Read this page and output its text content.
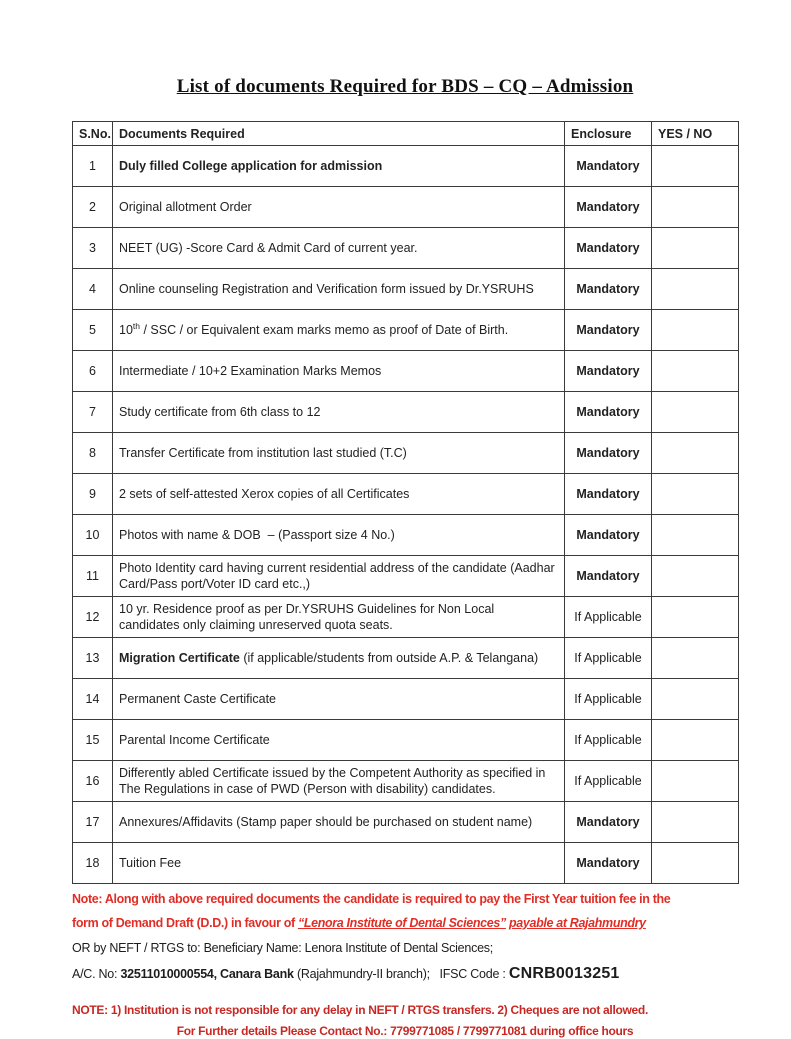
List of documents Required for BDS – CQ – Admission
S.No.	Documents Required	Enclosure	YES / NO
1	Duly filled College application for admission	Mandatory	
2	Original allotment Order	Mandatory	
3	NEET (UG) -Score Card & Admit Card of current year.	Mandatory	
4	Online counseling Registration and Verification form issued by Dr.YSRUHS	Mandatory	
5	10th / SSC / or Equivalent exam marks memo as proof of Date of Birth.	Mandatory	
6	Intermediate / 10+2 Examination Marks Memos	Mandatory	
7	Study certificate from 6th class to 12	Mandatory	
8	Transfer Certificate from institution last studied (T.C)	Mandatory	
9	2 sets of self-attested Xerox copies of all Certificates	Mandatory	
10	Photos with name & DOB  – (Passport size 4 No.)	Mandatory	
11	Photo Identity card having current residential address of the candidate (Aadhar Card/Pass port/Voter ID card etc.,)	Mandatory	
12	10 yr. Residence proof as per Dr.YSRUHS Guidelines for Non Local candidates only claiming unreserved quota seats.	If Applicable	
13	Migration Certificate (if applicable/students from outside A.P. & Telangana)	If Applicable	
14	Permanent Caste Certificate	If Applicable	
15	Parental Income Certificate	If Applicable	
16	Differently abled Certificate issued by the Competent Authority as specified in The Regulations in case of PWD (Person with disability) candidates.	If Applicable	
17	Annexures/Affidavits (Stamp paper should be purchased on student name)	Mandatory	
18	Tuition Fee	Mandatory	
Note: Along with above required documents the candidate is required to pay the First Year tuition fee in the
form of Demand Draft (D.D.) in favour of “Lenora Institute of Dental Sciences” payable at Rajahmundry
OR by NEFT / RTGS to: Beneficiary Name: Lenora Institute of Dental Sciences;
A/C. No: 32511010000554, Canara Bank (Rajahmundry-II branch);   IFSC Code : CNRB0013251
NOTE: 1) Institution is not responsible for any delay in NEFT / RTGS transfers. 2) Cheques are not allowed.
For Further details Please Contact No.: 7799771085 / 7799771081 during office hours
